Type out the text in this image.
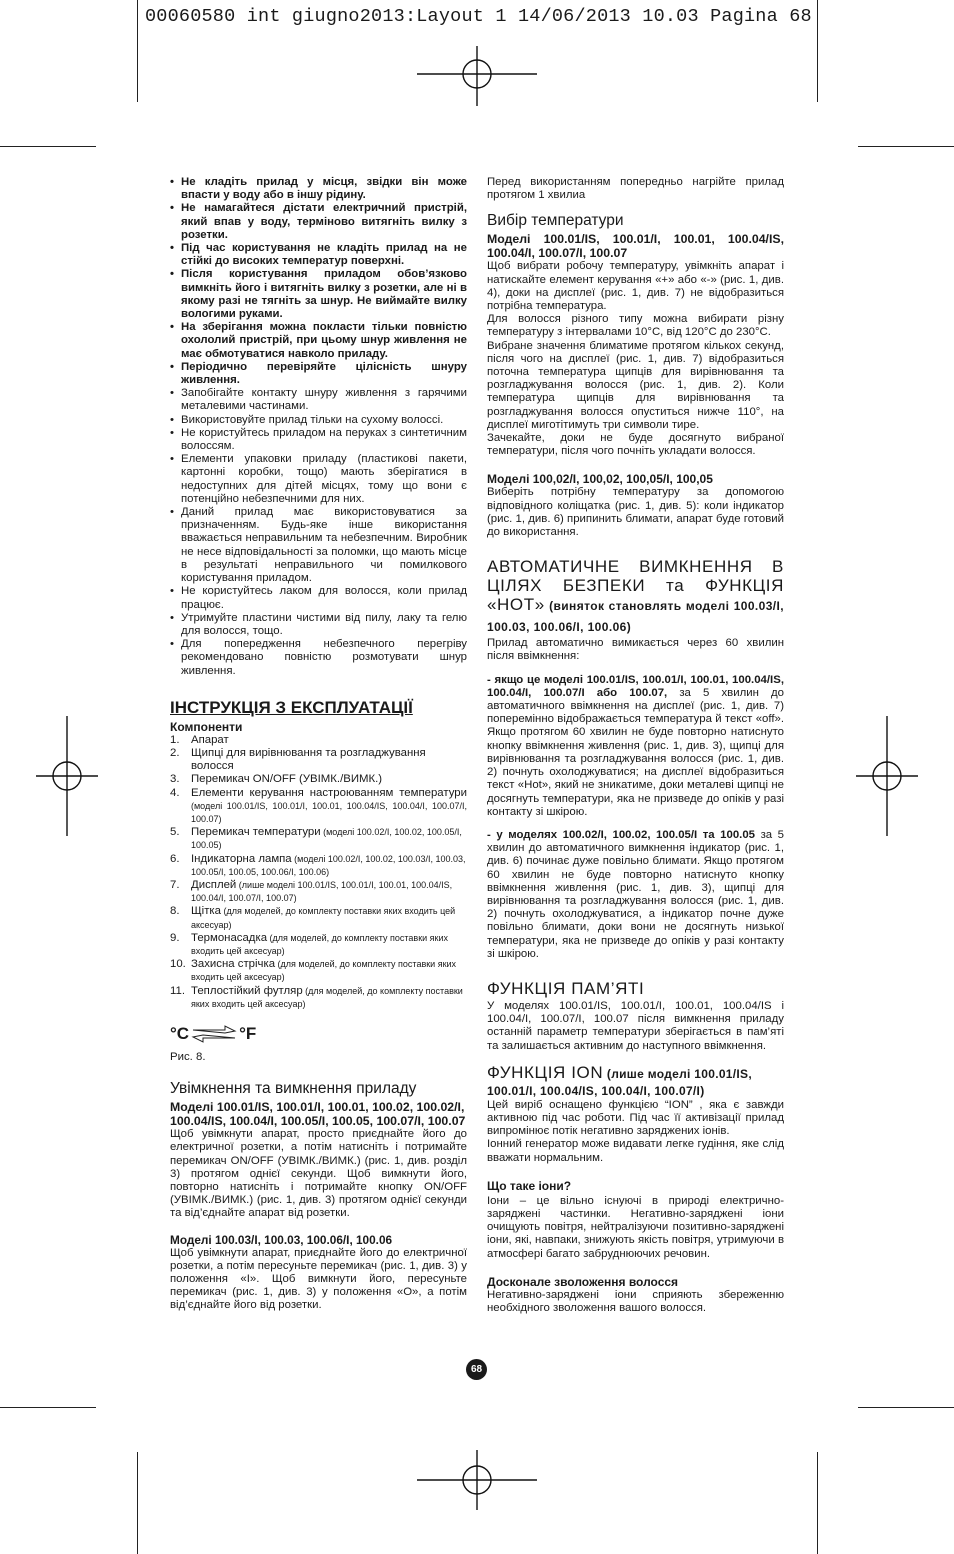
00060580 int giugno2013:Layout 1 14/06/2013 10.03 Pagina 68
• Не кладіть прилад у місця, звідки він може впасти у воду або в іншу рідину.
• Не намагайтеся дістати електричний пристрій, який впав у воду, терміново витягніть вилку з розетки.
• Під час користування не кладіть прилад на не стійкі до високих температур поверхні.
• Після користування приладом обов’язково вимкніть його і витягніть вилку з розетки, але ні в якому разі не тягніть за шнур. Не виймайте вилку вологими руками.
• На зберігання можна покласти тільки повністю охололий пристрій, при цьому шнур живлення не має обмотуватися навколо приладу.
• Періодично перевіряйте цілісність шнуру живлення.
• Запобігайте контакту шнуру живлення з гарячими металевими частинами.
• Використовуйте прилад тільки на сухому волоссі.
• Не користуйтесь приладом на перуках з синтетичним волоссям.
• Елементи упаковки приладу (пластикові пакети, картонні коробки, тощо) мають зберігатися в недоступних для дітей місцях, тому що вони є потенційно небезпечними для них.
• Даний прилад має використовуватися за призначенням. Будь-яке інше використання вважається неправильним та небезпечним. Виробник не несе відповідальності за поломки, що мають місце в результаті неправильного чи помилкового користування приладом.
• Не користуйтесь лаком для волосся, коли прилад працює.
• Утримуйте пластини чистими від пилу, лаку та гелю для волосся, тощо.
• Для попередження небезпечного перегріву рекомендовано повністю розмотувати шнур живлення.
ІНСТРУКЦІЯ З ЕКСПЛУАТАЦІЇ
Компоненти
1. Апарат
2. Щипці для вирівнювання та розгладжування волосся
3. Перемикач ON/OFF (УВІМК./ВИМК.)
4. Елементи керування настроюванням температури (моделі 100.01/IS, 100.01/I, 100.01, 100.04/IS, 100.04/I, 100.07/I, 100.07)
5. Перемикач температури (моделі 100.02/I, 100.02, 100.05/I, 100.05)
6. Індикаторна лампа (моделі 100.02/I, 100.02, 100.03/I, 100.03, 100.05/I, 100.05, 100.06/I, 100.06)
7. Дисплей (лише моделі 100.01/IS, 100.01/I, 100.01, 100.04/IS, 100.04/I, 100.07/I, 100.07)
8. Щітка (для моделей, до комплекту поставки яких входить цей аксесуар)
9. Термонасадка (для моделей, до комплекту поставки яких входить цей аксесуар)
10. Захисна стрічка (для моделей, до комплекту поставки яких входить цей аксесуар)
11. Теплостійкий футляр (для моделей, до комплекту поставки яких входить цей аксесуар)
°C	°F

Рис. 8.

Увімкнення та вимкнення приладу
Моделі 100.01/IS, 100.01/I, 100.01, 100.02, 100.02/I, 100.04/IS, 100.04/I, 100.05/I, 100.05, 100.07/I, 100.07

Щоб увімкнути апарат, просто приєднайте його до електричної розетки, а потім натисніть і потримайте перемикач ON/OFF (УВІМК./ВИМК.) (рис. 1, див. розділ 3) протягом однієї секунди. Щоб вимкнути його, повторно натисніть і потримайте кнопку ON/OFF (УВІМК./ВИМК.) (рис. 1, див. 3) протягом однієї секунди та від’єднайте апарат від розетки.

Моделі 100.03/I, 100.03, 100.06/I, 100.06

Щоб увімкнути апарат, приєднайте його до електричної розетки, а потім пересуньте перемикач (рис. 1, див. 3) у положення «I». Щоб вимкнути його, пересуньте перемикач (рис. 1, див. 3) у положення «O», а потім від’єднайте його від розетки.

Перед використанням попередньо нагрійте прилад протягом 1 хвилиа

Вибір температури
Моделі 100.01/IS, 100.01/I, 100.01, 100.04/IS, 100.04/I, 100.07/I, 100.07

Щоб вибрати робочу температуру, увімкніть апарат і натискайте елемент керування «+» або «-» (рис. 1, див. 4), доки на дисплеї (рис. 1, див. 7) не відобразиться потрібна температура.

Для волосся різного типу можна вибирати різну температуру з інтервалами 10°С, від 120°С до 230°С.

Вибране значення блиматиме протягом кількох секунд, після чого на дисплеї (рис. 1, див. 7) відобразиться поточна температура щипців для вирівнювання та розгладжування волосся (рис. 1, див. 2). Коли температура щипців для вирівнювання та розгладжування волосся опуститься нижче 110°, на дисплеї миготітимуть три символи тире.

Зачекайте, доки не буде досягнуто вибраної температури, після чого почніть укладати волосся.

Моделі 100,02/I, 100,02, 100,05/I, 100,05

Виберіть потрібну температуру за допомогою відповідного коліщатка (рис. 1, див. 5): коли індикатор (рис. 1, див. 6) припинить блимати, апарат буде готовий до використання.

АВТОМАТИЧНЕ ВИМКНЕННЯ В ЦІЛЯХ БЕЗПЕКИ та ФУНКЦІЯ «HOT» (виняток становлять моделі 100.03/I, 100.03, 100.06/I, 100.06)

Прилад автоматично вимикається через 60 хвилин після ввімкнення:

- якщо це моделі 100.01/IS, 100.01/I, 100.01, 100.04/IS, 100.04/I, 100.07/I або 100.07, за 5 хвилин до автоматичного ввімкнення на дисплеї (рис. 1, див. 7) поперемінно відображається температура й текст «off». Якщо протягом 60 хвилин не буде повторно натиснуто кнопку ввімкнення живлення (рис. 1, див. 3), щипці для вирівнювання та розгладжування волосся (рис. 1, див. 2) почнуть охолоджуватися; на дисплеї відобразиться текст «Hot», який не зникатиме, доки металеві щипці не досягнуть температури, яка не призведе до опіків у разі контакту зі шкірою.

- у моделях 100.02/I, 100.02, 100.05/I та 100.05 за 5 хвилин до автоматичного вимкнення індикатор (рис. 1, див. 6) починає дуже повільно блимати. Якщо протягом 60 хвилин не буде повторно натиснуто кнопку ввімкнення живлення (рис. 1, див. 3), щипці для вирівнювання та розгладжування волосся (рис. 1, див. 2) почнуть охолоджуватися, а індикатор почне дуже повільно блимати, доки вони не досягнуть низької температури, яка не призведе до опіків у разі контакту зі шкірою.

ФУНКЦІЯ ПАМ’ЯТІ

У моделях 100.01/IS, 100.01/I, 100.01, 100.04/IS і 100.04/I, 100.07/I, 100.07 після вимкнення приладу останній параметр температури зберігається в пам’яті та залишається активним до наступного ввімкнення.

ФУНКЦІЯ ION (лише моделі 100.01/IS, 100.01/I, 100.04/IS, 100.04/I, 100.07/I)

Цей виріб оснащено функцією “ION” , яка є завжди активною під час роботи. Під час її активізації прилад випромінює потік негативно заряджених іонів.

Іонний генератор може видавати легке гудіння, яке слід вважати нормальним.

Що таке іони?

Іони – це вільно існуючі в природі електрично-заряджені частинки. Негативно-заряджені іони очищують повітря, нейтралізуючи позитивно-заряджені іони, які, навпаки, знижують якість повітря, утримуючи в атмосфері багато забруднюючих речовин.

Досконале зволоження волосся

Негативно-заряджені іони сприяють збереженню необхідного зволоження вашого волосся.

68
